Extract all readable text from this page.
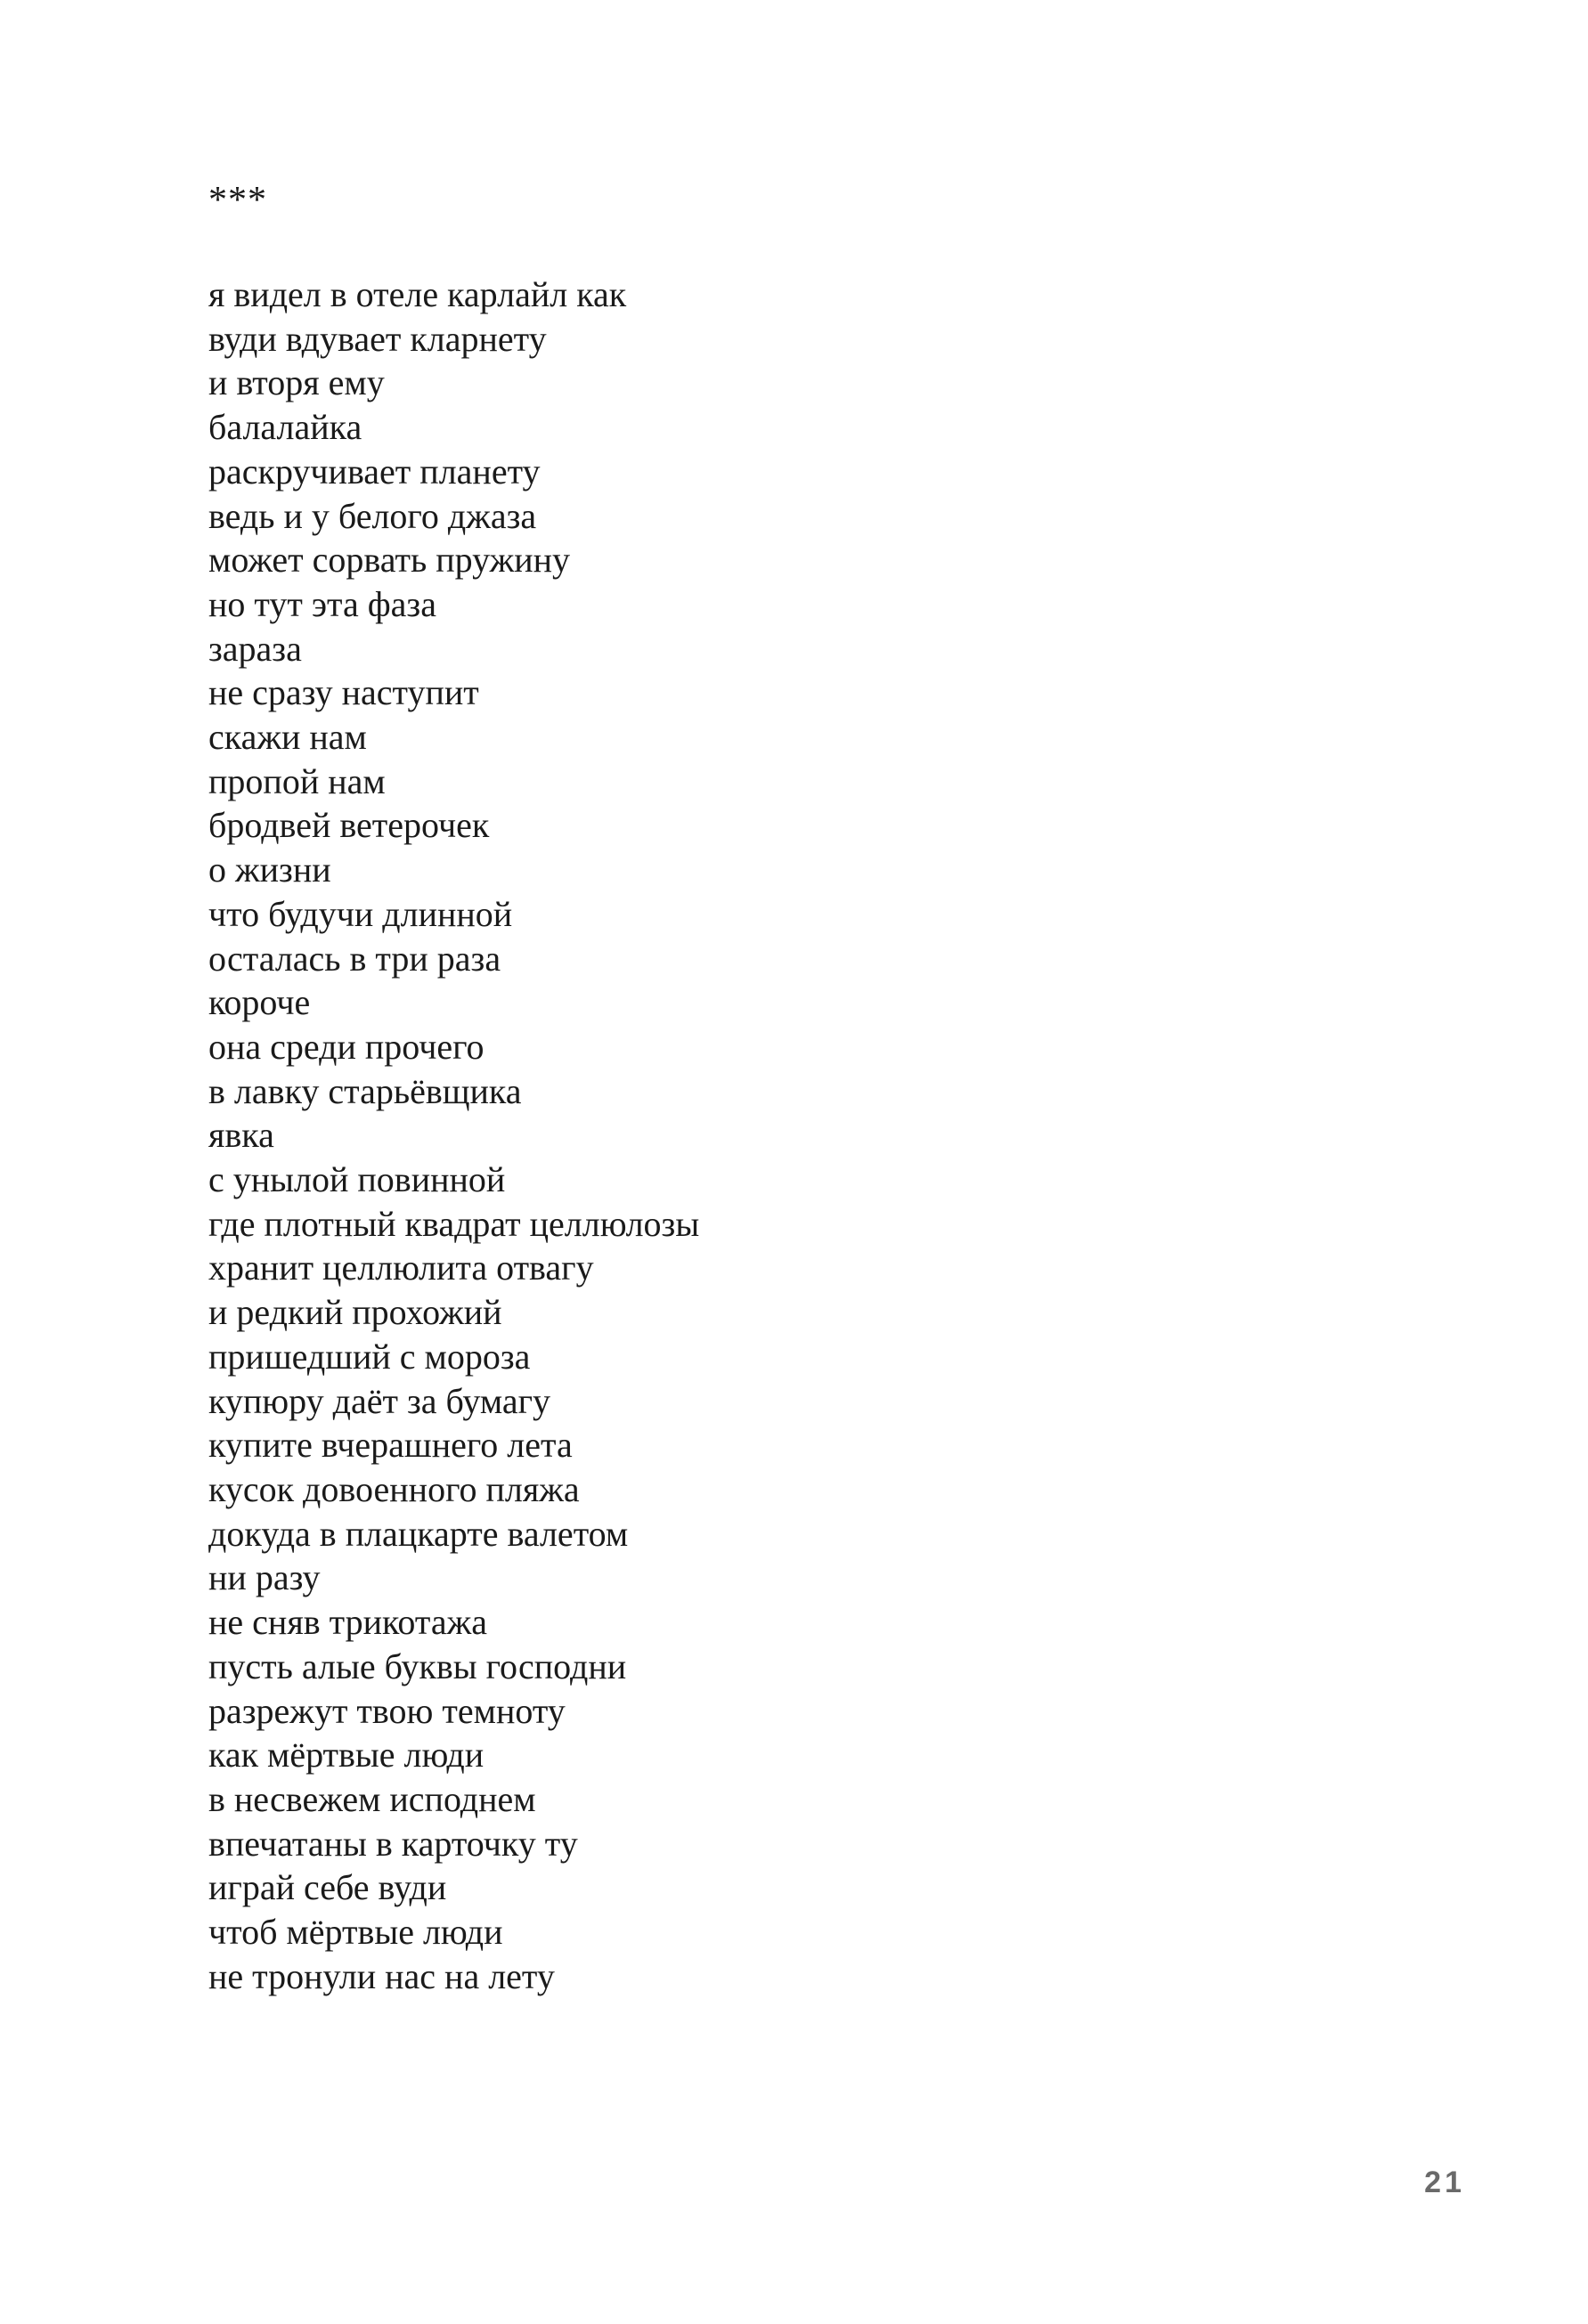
***

я видел в отеле карлайл как
вуди вдувает кларнету
и вторя ему
балалайка
раскручивает планету
ведь и у белого джаза
может сорвать пружину
но тут эта фаза
зараза
не сразу наступит
скажи нам
пропой нам
бродвей ветерочек
о жизни
что будучи длинной
осталась в три раза
короче
она среди прочего
в лавку старьёвщика
явка
с унылой повинной
где плотный квадрат целлюлозы
хранит целлюлита отвагу
и редкий прохожий
пришедший с мороза
купюру даёт за бумагу
купите вчерашнего лета
кусок довоенного пляжа
докуда в плацкарте валетом
ни разу
не сняв трикотажа
пусть алые буквы господни
разрежут твою темноту
как мёртвые люди
в несвежем исподнем
впечатаны в карточку ту
играй себе вуди
чтоб мёртвые люди
не тронули нас на лету
21
